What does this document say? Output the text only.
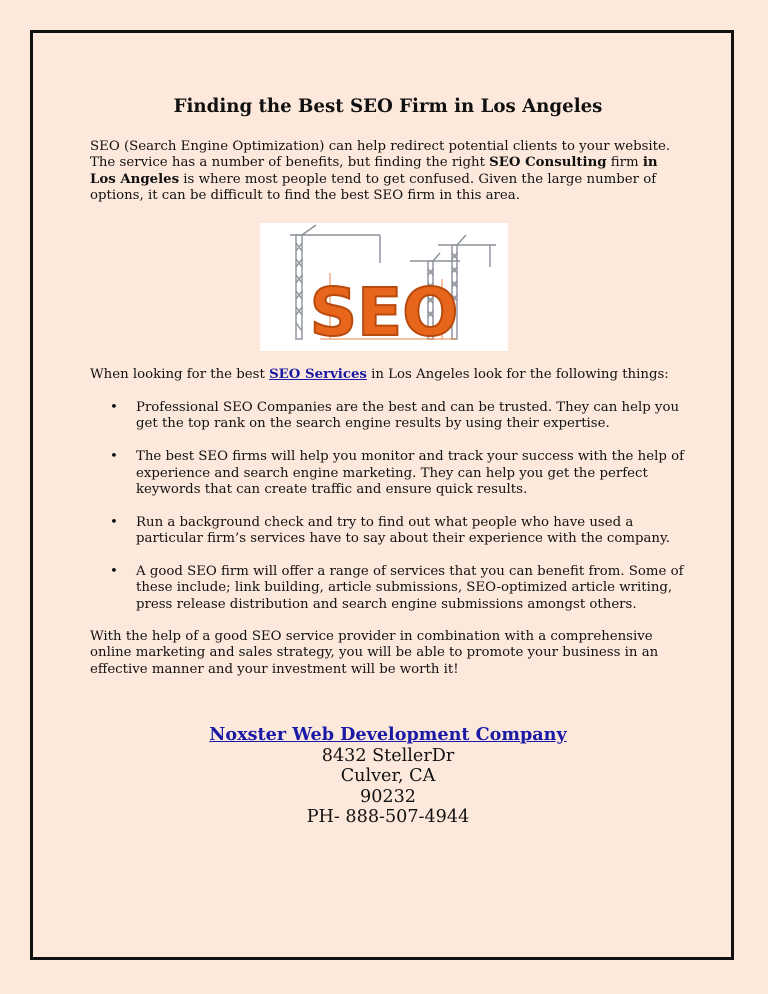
Finding the Best SEO Firm in Los Angeles

SEO (Search Engine Optimization) can help redirect potential clients to your website. The service has a number of benefits, but finding the right SEO Consulting firm in Los Angeles is where most people tend to get confused. Given the large number of options, it can be difficult to find the best SEO firm in this area.

SEO

When looking for the best SEO Services in Los Angeles look for the following things:

• Professional SEO Companies are the best and can be trusted. They can help you get the top rank on the search engine results by using their expertise.
• The best SEO firms will help you monitor and track your success with the help of experience and search engine marketing. They can help you get the perfect keywords that can create traffic and ensure quick results.
• Run a background check and try to find out what people who have used a particular firm’s services have to say about their experience with the company.
• A good SEO firm will offer a range of services that you can benefit from. Some of these include; link building, article submissions, SEO-optimized article writing, press release distribution and search engine submissions amongst others.

With the help of a good SEO service provider in combination with a comprehensive online marketing and sales strategy, you will be able to promote your business in an effective manner and your investment will be worth it!

Noxster Web Development Company
8432 StellerDr
Culver, CA
90232
PH- 888-507-4944
